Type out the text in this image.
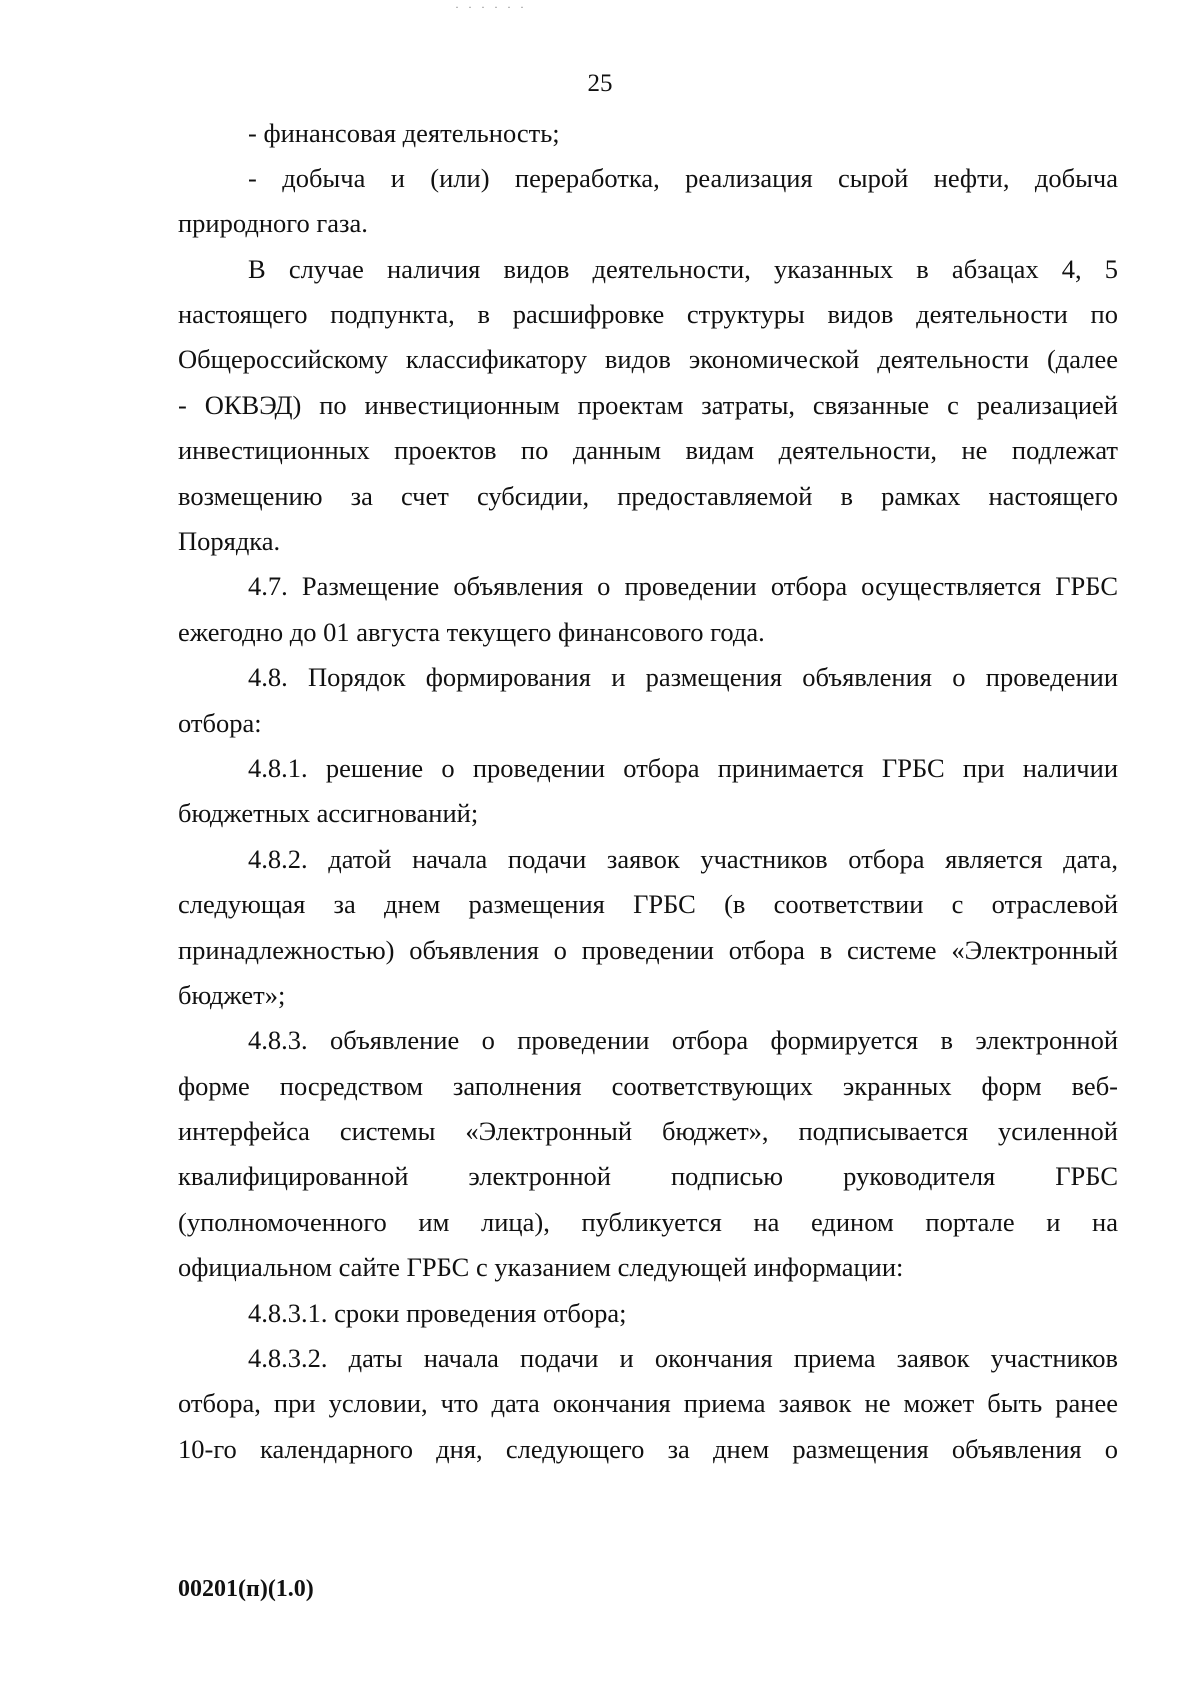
· · · · · ·
25
- финансовая деятельность;
- добыча и (или) переработка, реализация сырой нефти, добыча
природного газа.
В случае наличия видов деятельности, указанных в абзацах 4, 5
настоящего подпункта, в расшифровке структуры видов деятельности по
Общероссийскому классификатору видов экономической деятельности (далее
- ОКВЭД) по инвестиционным проектам затраты, связанные с реализацией
инвестиционных проектов по данным видам деятельности, не подлежат
возмещению за счет субсидии, предоставляемой в рамках настоящего
Порядка.
4.7. Размещение объявления о проведении отбора осуществляется ГРБС
ежегодно до 01 августа текущего финансового года.
4.8. Порядок формирования и размещения объявления о проведении
отбора:
4.8.1. решение о проведении отбора принимается ГРБС при наличии
бюджетных ассигнований;
4.8.2. датой начала подачи заявок участников отбора является дата,
следующая за днем размещения ГРБС (в соответствии с отраслевой
принадлежностью) объявления о проведении отбора в системе «Электронный
бюджет»;
4.8.3. объявление о проведении отбора формируется в электронной
форме посредством заполнения соответствующих экранных форм веб-
интерфейса системы «Электронный бюджет», подписывается усиленной
квалифицированной электронной подписью руководителя ГРБС
(уполномоченного им лица), публикуется на едином портале и на
официальном сайте ГРБС с указанием следующей информации:
4.8.3.1. сроки проведения отбора;
4.8.3.2. даты начала подачи и окончания приема заявок участников
отбора, при условии, что дата окончания приема заявок не может быть ранее
10-го календарного дня, следующего за днем размещения объявления о
00201(п)(1.0)
